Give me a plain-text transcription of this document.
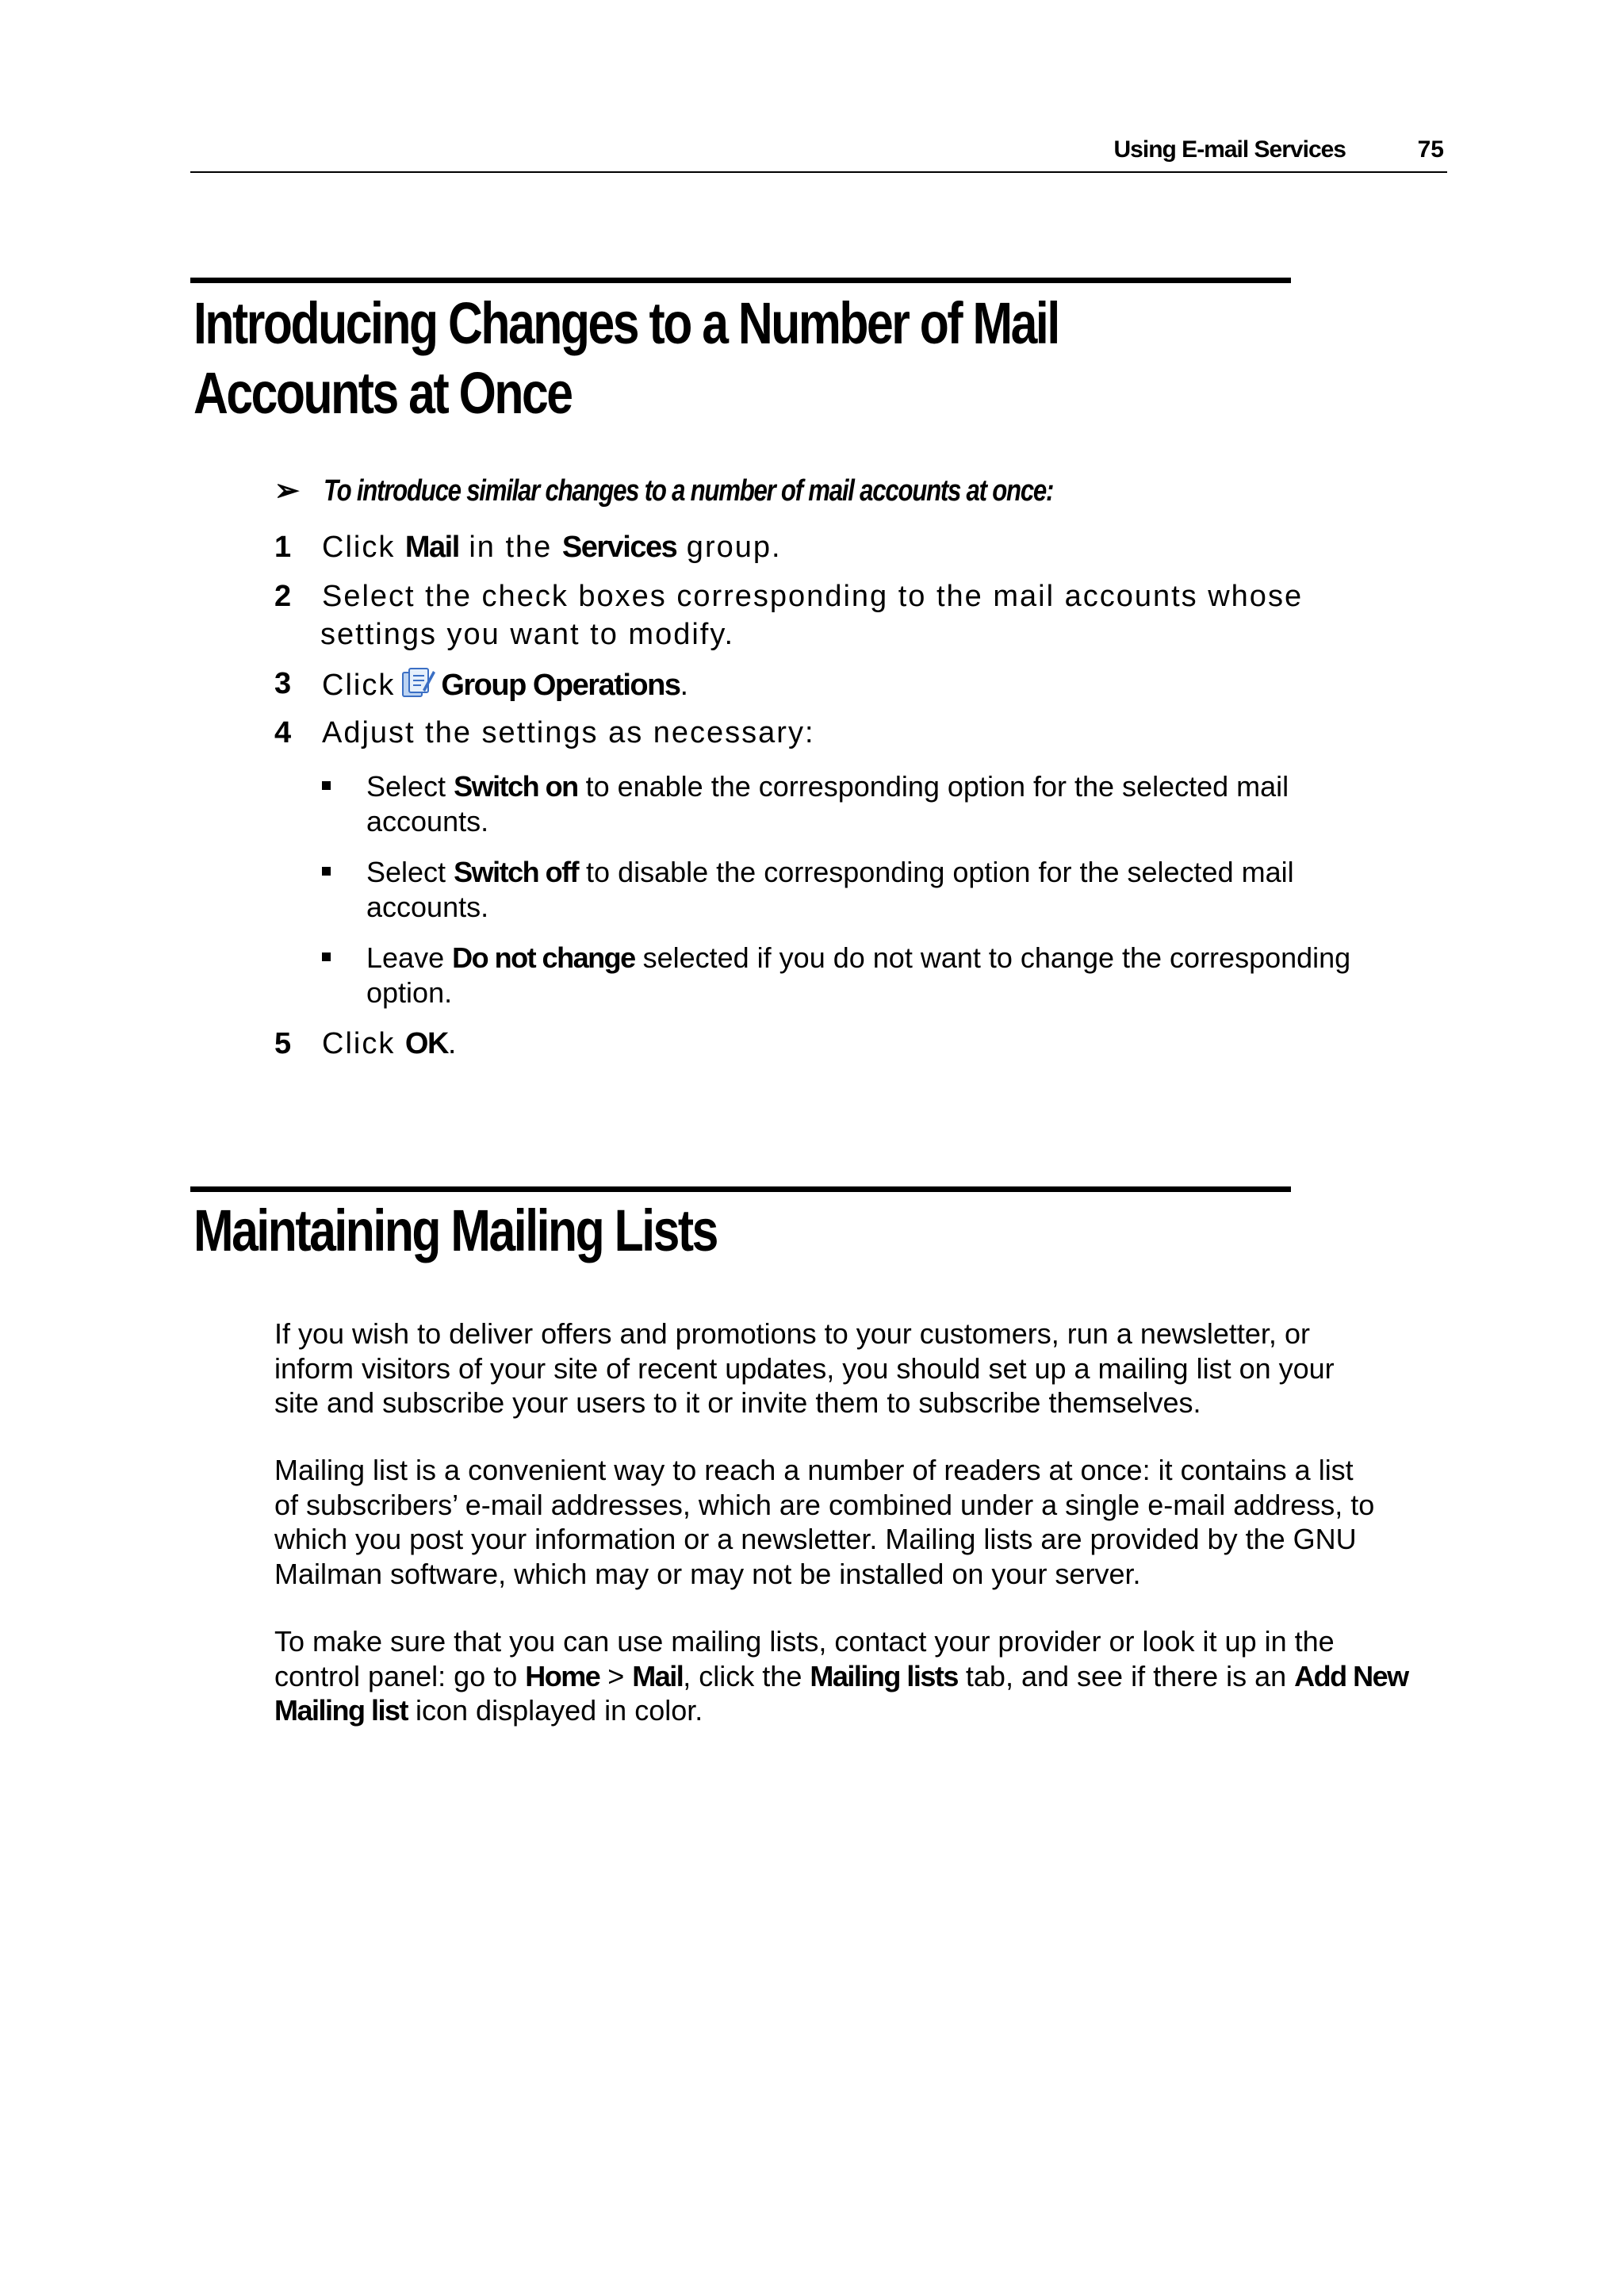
Using E-mail Services	75
Introducing Changes to a Number of Mail
Accounts at Once
➢ To introduce similar changes to a number of mail accounts at once:
1	Click Mail in the Services group.
2	Select the check boxes corresponding to the mail accounts whose
settings you want to modify.
3	Click Group Operations.
4	Adjust the settings as necessary:
Select Switch on to enable the corresponding option for the selected mail
accounts.
Select Switch off to disable the corresponding option for the selected mail
accounts.
Leave Do not change selected if you do not want to change the corresponding
option.
5	Click OK.
Maintaining Mailing Lists
If you wish to deliver offers and promotions to your customers, run a newsletter, or
inform visitors of your site of recent updates, you should set up a mailing list on your
site and subscribe your users to it or invite them to subscribe themselves.
Mailing list is a convenient way to reach a number of readers at once: it contains a list
of subscribers’ e-mail addresses, which are combined under a single e-mail address, to
which you post your information or a newsletter. Mailing lists are provided by the GNU
Mailman software, which may or may not be installed on your server.
To make sure that you can use mailing lists, contact your provider or look it up in the
control panel: go to Home > Mail, click the Mailing lists tab, and see if there is an Add New
Mailing list icon displayed in color.
